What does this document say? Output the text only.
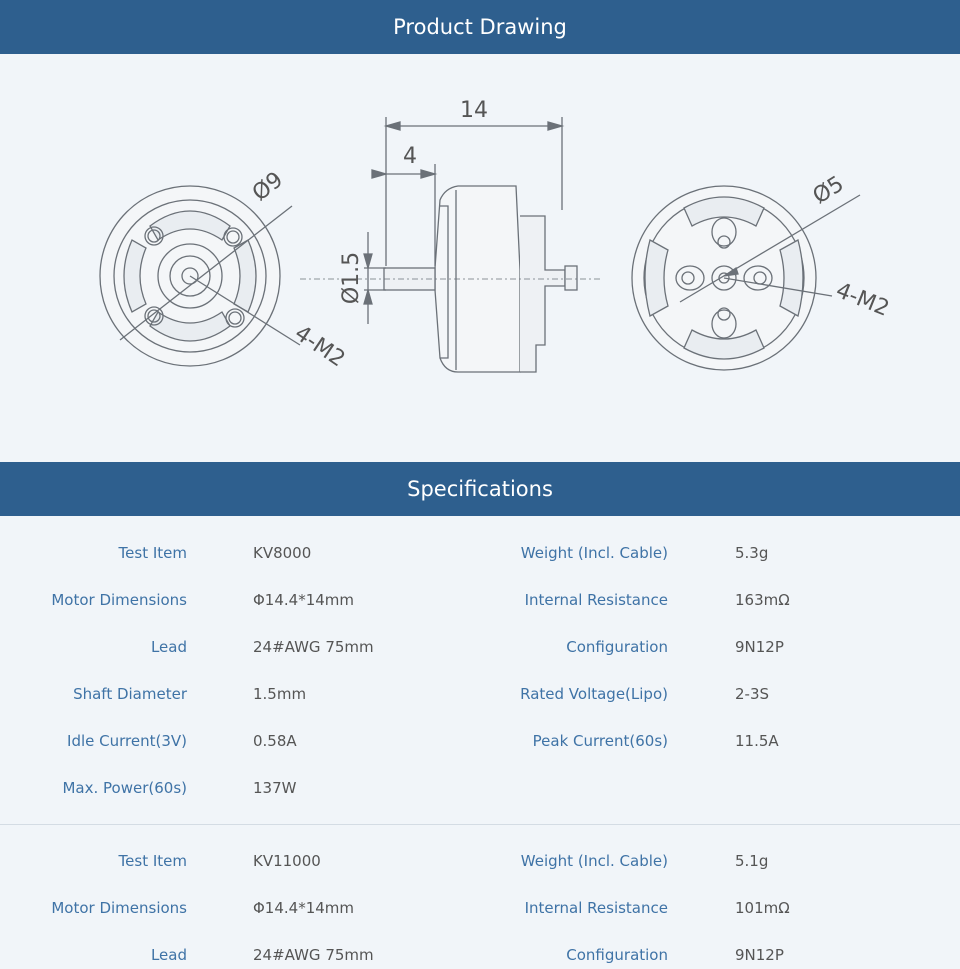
Product Drawing
14
4
Ø1.5
Ø9
4-M2
Ø5
4-M2
Specifications
Test Item	KV8000	Weight (Incl. Cable)	5.3g
Motor Dimensions	Φ14.4*14mm	Internal Resistance	163mΩ
Lead	24#AWG 75mm	Configuration	9N12P
Shaft Diameter	1.5mm	Rated Voltage(Lipo)	2-3S
Idle Current(3V)	0.58A	Peak Current(60s)	11.5A
Max. Power(60s)	137W
Test Item	KV11000	Weight (Incl. Cable)	5.1g
Motor Dimensions	Φ14.4*14mm	Internal Resistance	101mΩ
Lead	24#AWG 75mm	Configuration	9N12P
